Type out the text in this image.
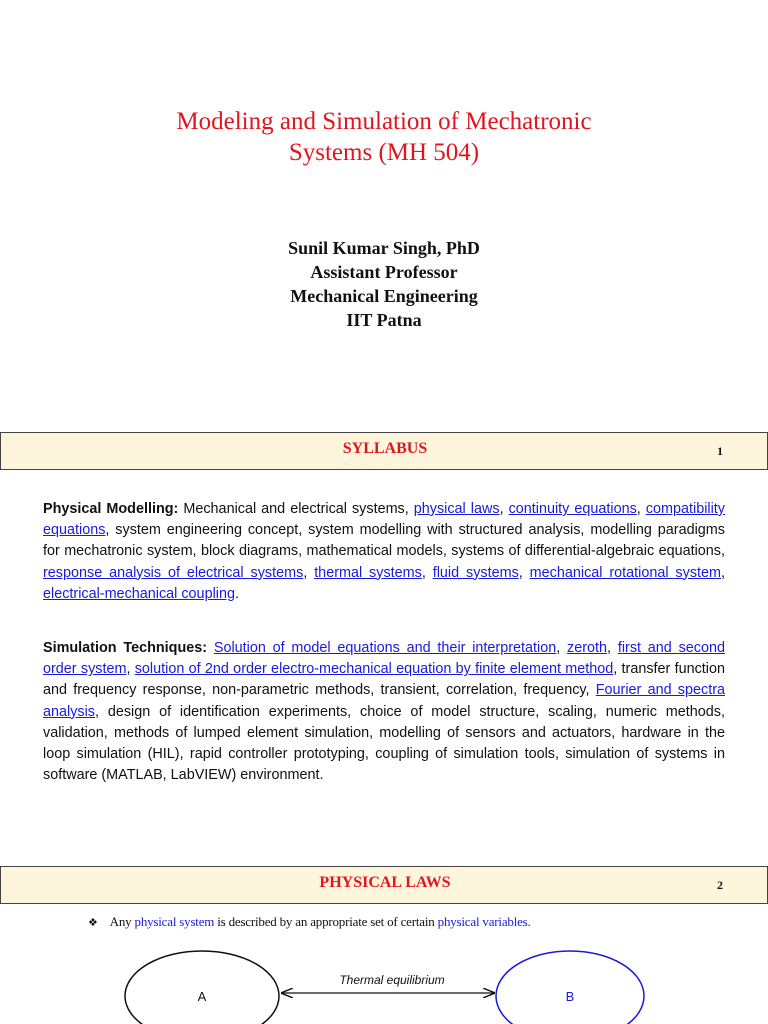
Modeling and Simulation of Mechatronic
Systems (MH 504)
Sunil Kumar Singh, PhD
Assistant Professor
Mechanical Engineering
IIT Patna
SYLLABUS	1
Physical Modelling: Mechanical and electrical systems, physical laws, continuity equations, compatibility equations, system engineering concept, system modelling with structured analysis, modelling paradigms for mechatronic system, block diagrams, mathematical models, systems of differential-algebraic equations, response analysis of electrical systems, thermal systems, fluid systems, mechanical rotational system, electrical-mechanical coupling.
Simulation Techniques: Solution of model equations and their interpretation, zeroth, first and second order system, solution of 2nd order electro-mechanical equation by finite element method, transfer function and frequency response, non-parametric methods, transient, correlation, frequency, Fourier and spectra analysis, design of identification experiments, choice of model structure, scaling, numeric methods, validation, methods of lumped element simulation, modelling of sensors and actuators, hardware in the loop simulation (HIL), rapid controller prototyping, coupling of simulation tools, simulation of systems in software (MATLAB, LabVIEW) environment.
PHYSICAL LAWS	2
❖ Any physical system is described by an appropriate set of certain physical variables.
A	B
Thermal equilibrium
